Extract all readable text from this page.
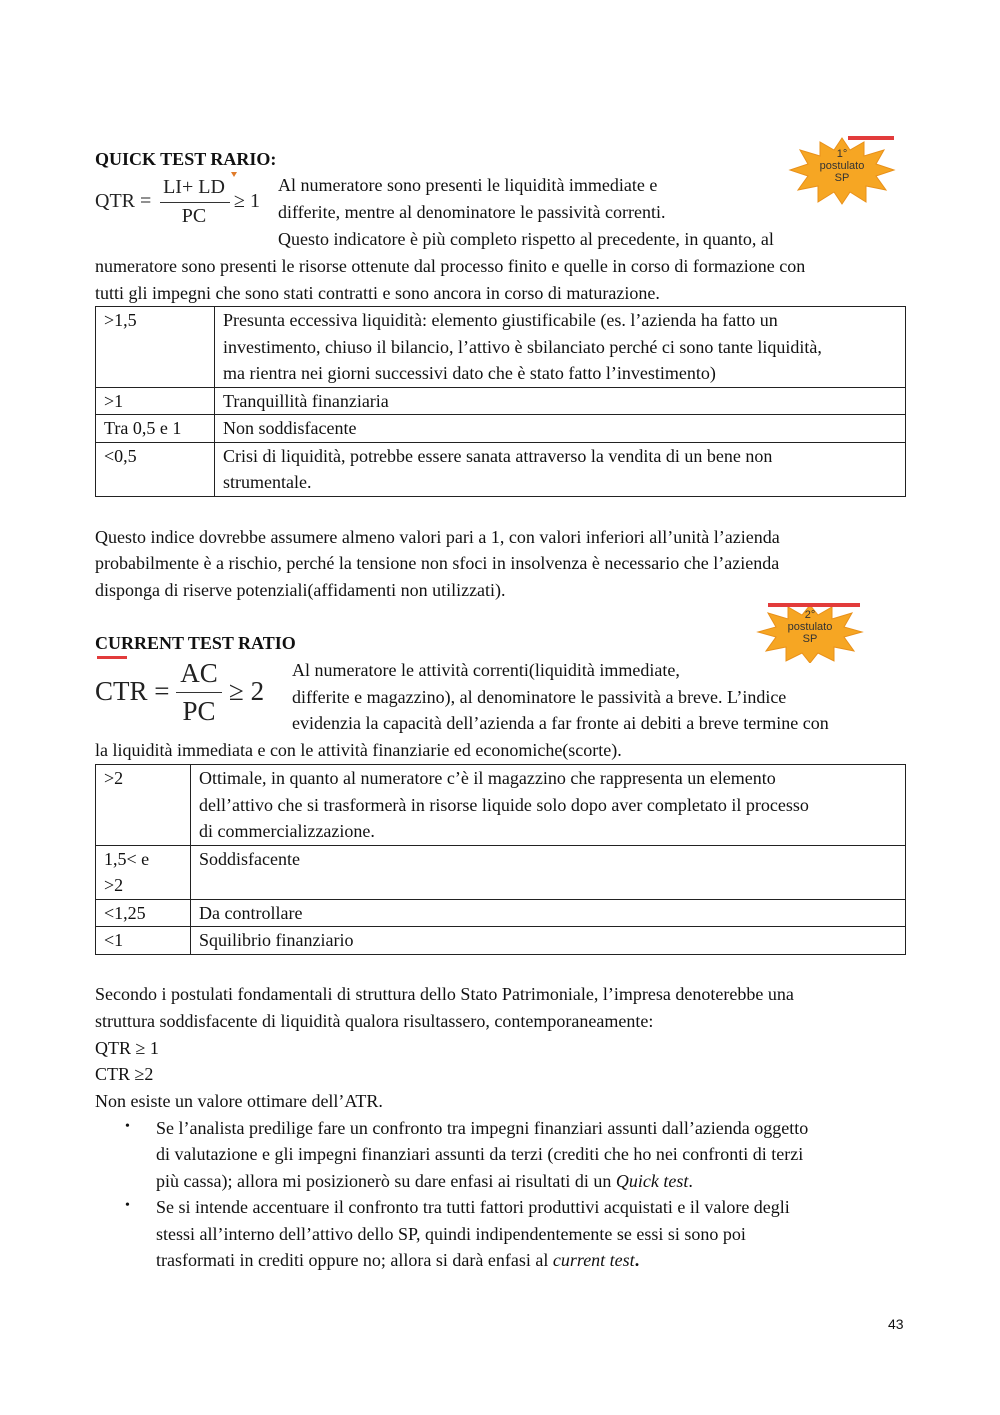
QUICK TEST RARIO:
QTR =
LI+ LD
PC
≥ 1
1°
postulato
SP
Al numeratore sono presenti le liquidità immediate e
differite, mentre al denominatore le passività correnti.
Questo indicatore è più completo rispetto al precedente, in quanto, al
numeratore sono presenti le risorse ottenute dal processo finito e quelle in corso di formazione con
tutti gli impegni che sono stati contratti e sono ancora in corso di maturazione.
>1,5	Presunta eccessiva liquidità: elemento giustificabile (es. l’azienda ha fatto un
investimento, chiuso il bilancio, l’attivo è sbilanciato perché ci sono tante liquidità,
ma rientra nei giorni successivi dato che è stato fatto l’investimento)

>1	Tranquillità finanziaria
Tra 0,5 e 1	Non soddisfacente
<0,5	Crisi di liquidità, potrebbe essere sanata attraverso la vendita di un bene non
strumentale.
Questo indice dovrebbe assumere almeno valori pari a 1, con valori inferiori all’unità l’azienda
probabilmente è a rischio, perché la tensione non sfoci in insolvenza è necessario che l’azienda
disponga di riserve potenziali(affidamenti non utilizzati).
CURRENT TEST RATIO
CTR =
AC
PC
≥ 2
2°
postulato
SP
Al numeratore le attività correnti(liquidità immediate,
differite e magazzino), al denominatore le passività a breve. L’indice
evidenzia la capacità dell’azienda a far fronte ai debiti a breve termine con
la liquidità immediata e con le attività finanziarie ed economiche(scorte).
>2	Ottimale, in quanto al numeratore c’è il magazzino che rappresenta un elemento
dell’attivo che si trasformerà in risorse liquide solo dopo aver completato il processo
di commercializzazione.

1,5< e
>2	Soddisfacente
<1,25	Da controllare
<1	Squilibrio finanziario
Secondo i postulati fondamentali di struttura dello Stato Patrimoniale, l’impresa denoterebbe una
struttura soddisfacente di liquidità qualora risultassero, contemporaneamente:
QTR ≥ 1
CTR ≥2
Non esiste un valore ottimare dell’ATR.
• Se l’analista predilige fare un confronto tra impegni finanziari assunti dall’azienda oggetto
di valutazione e gli impegni finanziari assunti da terzi (crediti che ho nei confronti di terzi
più cassa); allora mi posizionerò su dare enfasi ai risultati di un Quick test.
• Se si intende accentuare il confronto tra tutti fattori produttivi acquistati e il valore degli
stessi all’interno dell’attivo dello SP, quindi indipendentemente se essi si sono poi
trasformati in crediti oppure no; allora si darà enfasi al current test.
43
